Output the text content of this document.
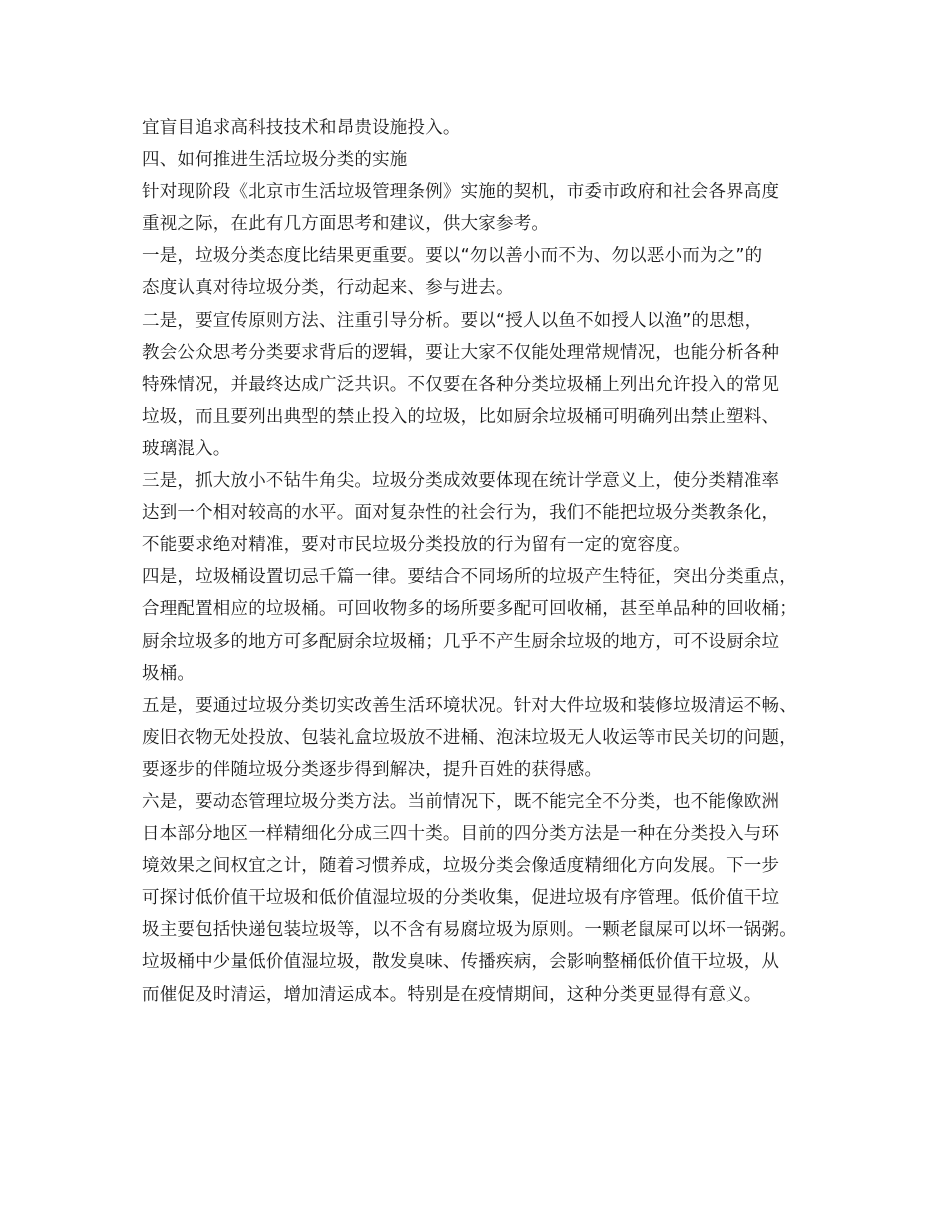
宜盲目追求高科技技术和昂贵设施投入。
四、如何推进生活垃圾分类的实施
针对现阶段《北京市生活垃圾管理条例》实施的契机，市委市政府和社会各界高度
重视之际，在此有几方面思考和建议，供大家参考。
一是，垃圾分类态度比结果更重要。要以“勿以善小而不为、勿以恶小而为之”的
态度认真对待垃圾分类，行动起来、参与进去。
二是，要宣传原则方法、注重引导分析。要以“授人以鱼不如授人以渔”的思想，
教会公众思考分类要求背后的逻辑，要让大家不仅能处理常规情况，也能分析各种
特殊情况，并最终达成广泛共识。不仅要在各种分类垃圾桶上列出允许投入的常见
垃圾，而且要列出典型的禁止投入的垃圾，比如厨余垃圾桶可明确列出禁止塑料、
玻璃混入。
三是，抓大放小不钻牛角尖。垃圾分类成效要体现在统计学意义上，使分类精准率
达到一个相对较高的水平。面对复杂性的社会行为，我们不能把垃圾分类教条化，
不能要求绝对精准，要对市民垃圾分类投放的行为留有一定的宽容度。
四是，垃圾桶设置切忌千篇一律。要结合不同场所的垃圾产生特征，突出分类重点，
合理配置相应的垃圾桶。可回收物多的场所要多配可回收桶，甚至单品种的回收桶；
厨余垃圾多的地方可多配厨余垃圾桶；几乎不产生厨余垃圾的地方，可不设厨余垃
圾桶。
五是，要通过垃圾分类切实改善生活环境状况。针对大件垃圾和装修垃圾清运不畅、
废旧衣物无处投放、包装礼盒垃圾放不进桶、泡沫垃圾无人收运等市民关切的问题，
要逐步的伴随垃圾分类逐步得到解决，提升百姓的获得感。
六是，要动态管理垃圾分类方法。当前情况下，既不能完全不分类，也不能像欧洲
日本部分地区一样精细化分成三四十类。目前的四分类方法是一种在分类投入与环
境效果之间权宜之计，随着习惯养成，垃圾分类会像适度精细化方向发展。下一步
可探讨低价值干垃圾和低价值湿垃圾的分类收集，促进垃圾有序管理。低价值干垃
圾主要包括快递包装垃圾等，以不含有易腐垃圾为原则。一颗老鼠屎可以坏一锅粥。
垃圾桶中少量低价值湿垃圾，散发臭味、传播疾病，会影响整桶低价值干垃圾，从
而催促及时清运，增加清运成本。特别是在疫情期间，这种分类更显得有意义。
